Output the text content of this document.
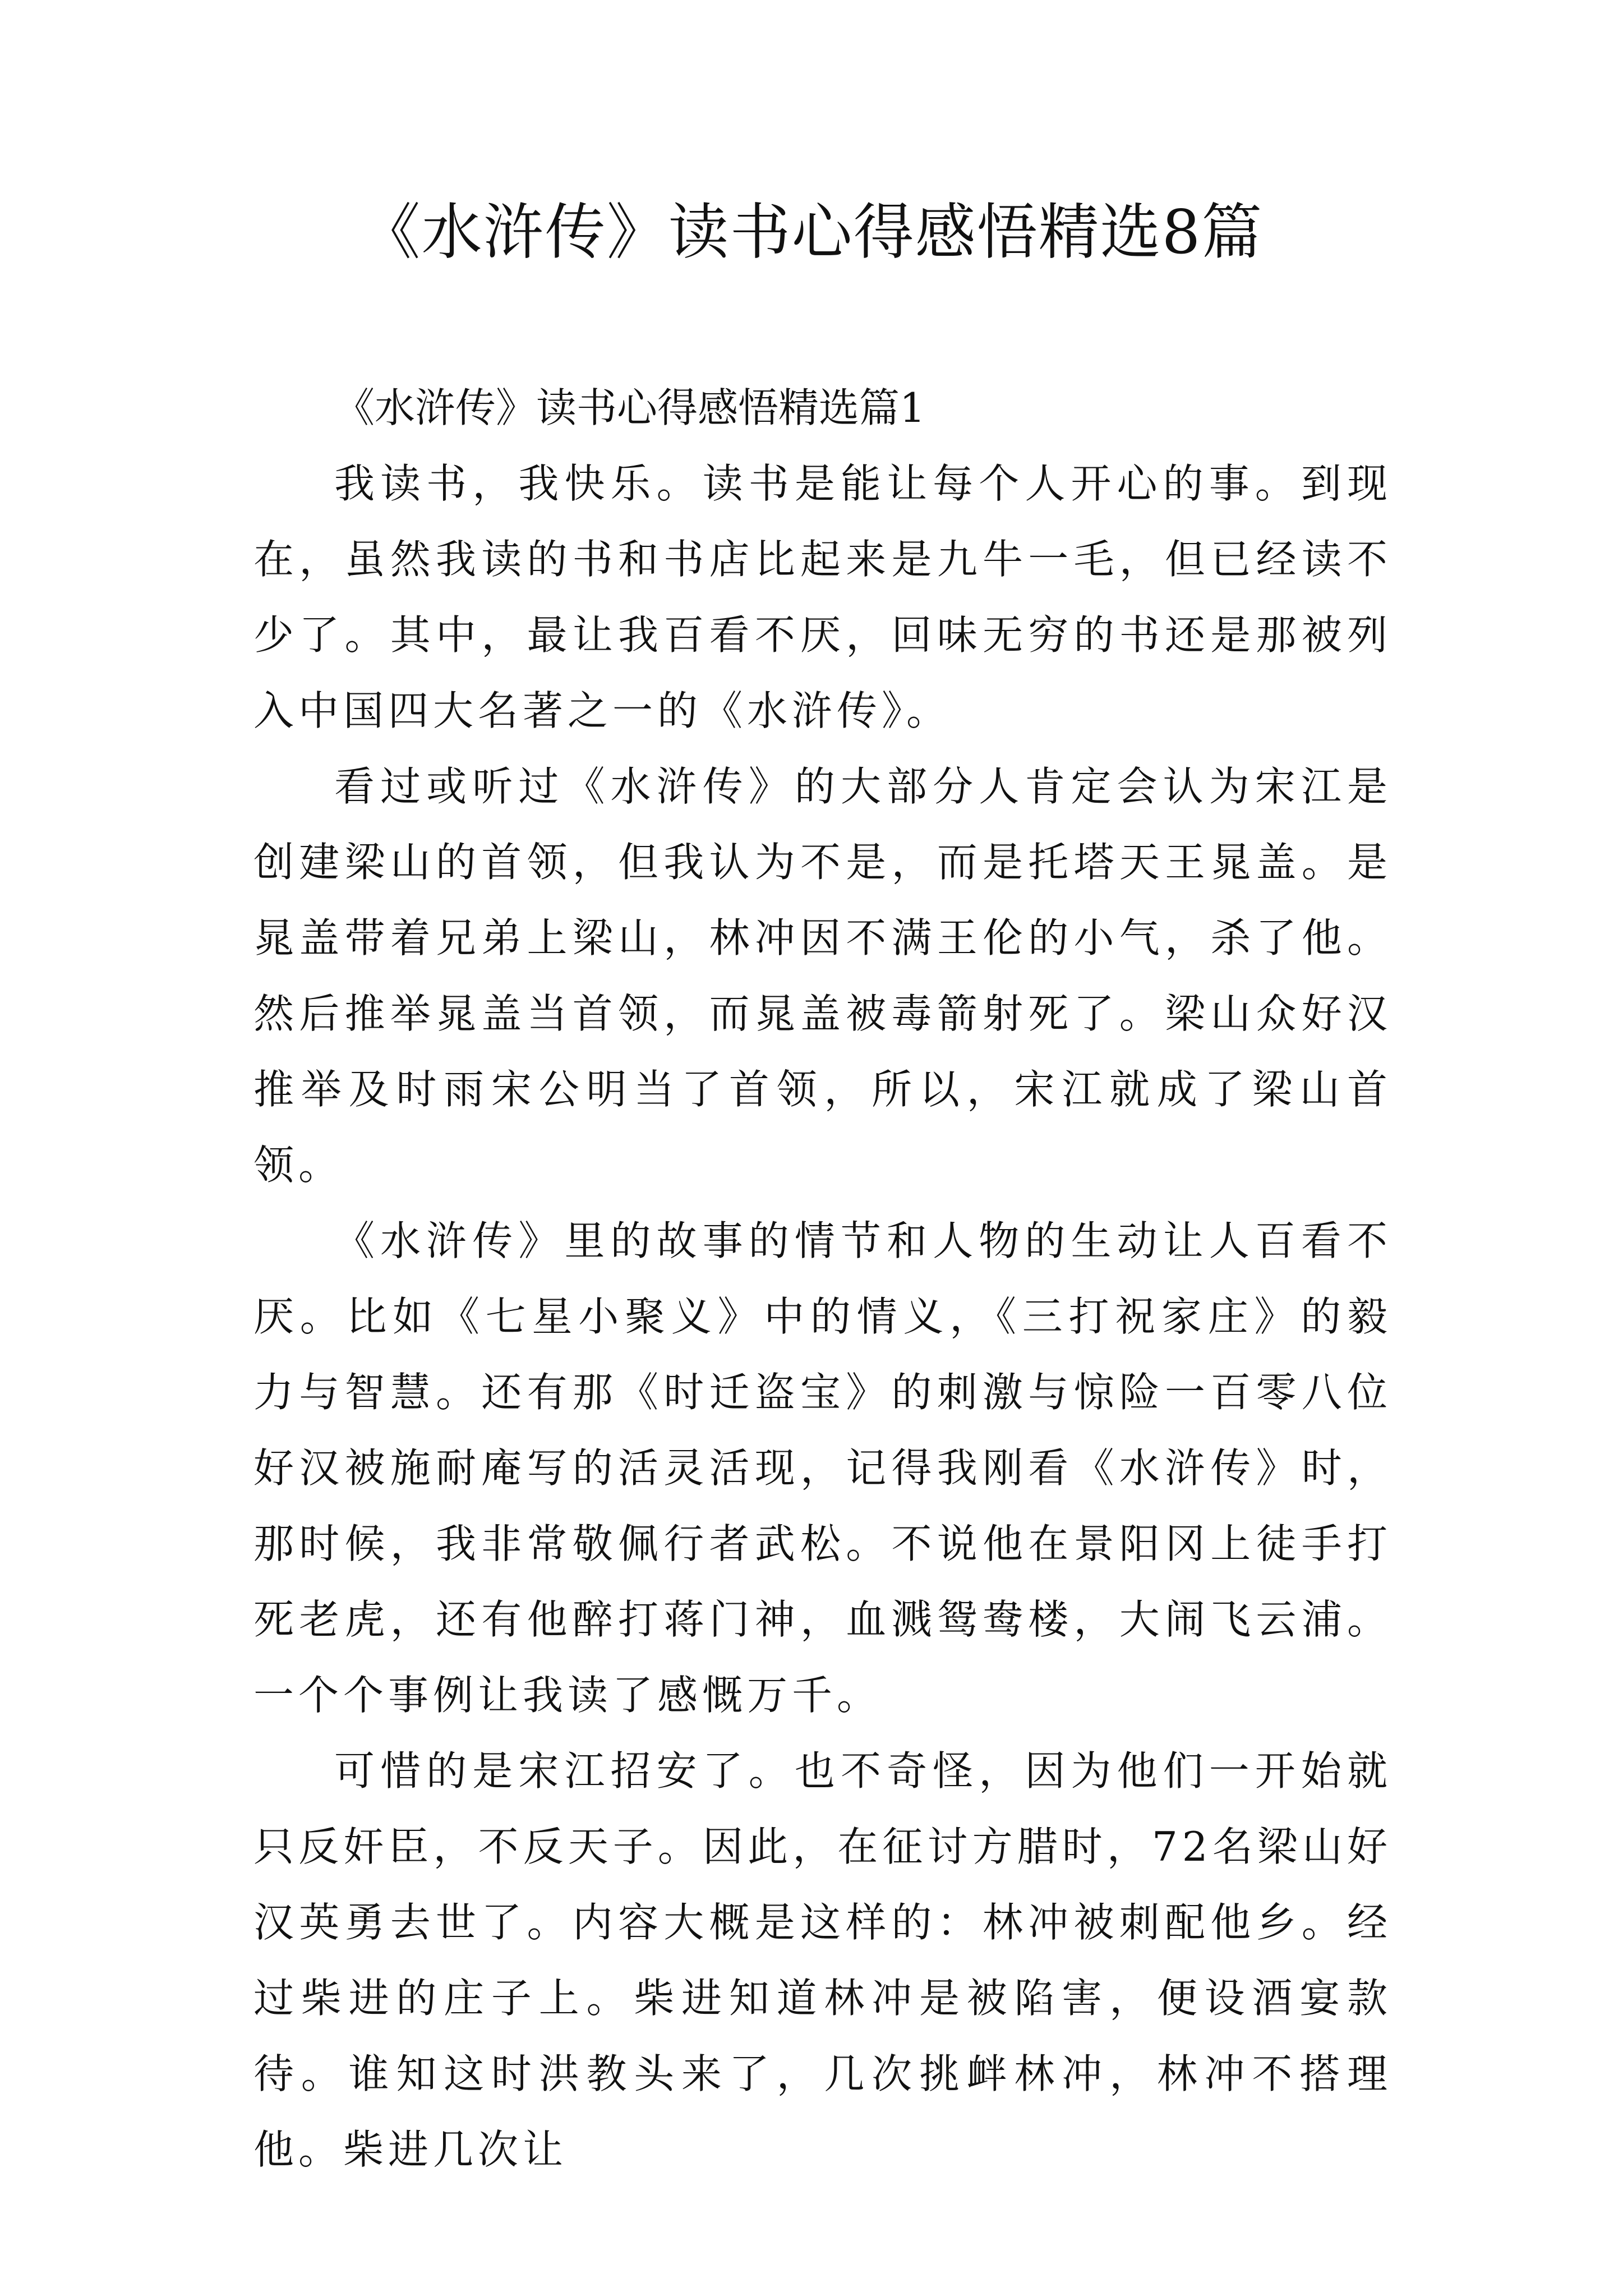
《水浒传》读书心得感悟精选8篇
《水浒传》读书心得感悟精选篇1

我读书，我快乐。读书是能让每个人开心的事。到现在，虽然我读的书和书店比起来是九牛一毛，但已经读不少了。其中，最让我百看不厌，回味无穷的书还是那被列入中国四大名著之一的《水浒传》。

看过或听过《水浒传》的大部分人肯定会认为宋江是创建梁山的首领，但我认为不是，而是托塔天王晁盖。是晁盖带着兄弟上梁山，林冲因不满王伦的小气，杀了他。然后推举晁盖当首领，而晁盖被毒箭射死了。梁山众好汉推举及时雨宋公明当了首领，所以，宋江就成了梁山首领。

《水浒传》里的故事的情节和人物的生动让人百看不厌。比如《七星小聚义》中的情义，《三打祝家庄》的毅力与智慧。还有那《时迁盗宝》的刺激与惊险一百零八位好汉被施耐庵写的活灵活现，记得我刚看《水浒传》时，那时候，我非常敬佩行者武松。不说他在景阳冈上徒手打死老虎，还有他醉打蒋门神，血溅鸳鸯楼，大闹飞云浦。一个个事例让我读了感慨万千。

可惜的是宋江招安了。也不奇怪，因为他们一开始就只反奸臣，不反天子。因此，在征讨方腊时，72名梁山好汉英勇去世了。内容大概是这样的：林冲被刺配他乡。经过柴进的庄子上。柴进知道林冲是被陷害，便设酒宴款待。谁知这时洪教头来了，几次挑衅林冲，林冲不搭理他。柴进几次让
